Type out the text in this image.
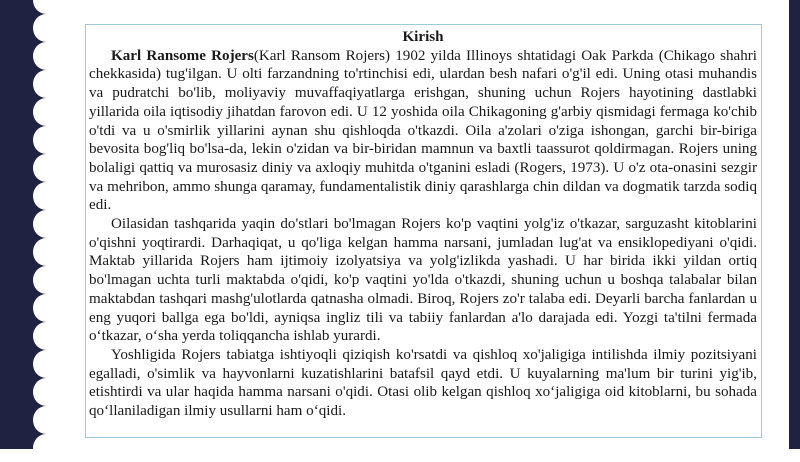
Kirish

Karl Ransome Rojers(Karl Ransom Rojers) 1902 yilda Illinoys shtatidagi Oak Parkda (Chikago shahri chekkasida) tug'ilgan. U olti farzandning to'rtinchisi edi, ulardan besh nafari o'g'il edi. Uning otasi muhandis va pudratchi bo'lib, moliyaviy muvaffaqiyatlarga erishgan, shuning uchun Rojers hayotining dastlabki yillarida oila iqtisodiy jihatdan farovon edi. U 12 yoshida oila Chikagoning g'arbiy qismidagi fermaga ko'chib o'tdi va u o'smirlik yillarini aynan shu qishloqda o'tkazdi. Oila a'zolari o'ziga ishongan, garchi bir-biriga bevosita bog'liq bo'lsa-da, lekin o'zidan va bir-biridan mamnun va baxtli taassurot qoldirmagan. Rojers uning bolaligi qattiq va murosasiz diniy va axloqiy muhitda o'tganini esladi (Rogers, 1973). U o'z ota-onasini sezgir va mehribon, ammo shunga qaramay, fundamentalistik diniy qarashlarga chin dildan va dogmatik tarzda sodiq edi.

Oilasidan tashqarida yaqin do'stlari bo'lmagan Rojers ko'p vaqtini yolg'iz o'tkazar, sarguzasht kitoblarini o'qishni yoqtirardi. Darhaqiqat, u qo'liga kelgan hamma narsani, jumladan lug'at va ensiklopediyani o'qidi. Maktab yillarida Rojers ham ijtimoiy izolyatsiya va yolg'izlikda yashadi. U har birida ikki yildan ortiq bo'lmagan uchta turli maktabda o'qidi, ko'p vaqtini yo'lda o'tkazdi, shuning uchun u boshqa talabalar bilan maktabdan tashqari mashg'ulotlarda qatnasha olmadi. Biroq, Rojers zo'r talaba edi. Deyarli barcha fanlardan u eng yuqori ballga ega bo'ldi, ayniqsa ingliz tili va tabiiy fanlardan a'lo darajada edi. Yozgi ta'tilni fermada o‘tkazar, o‘sha yerda toliqqancha ishlab yurardi.

Yoshligida Rojers tabiatga ishtiyoqli qiziqish ko'rsatdi va qishloq xo'jaligiga intilishda ilmiy pozitsiyani egalladi, o'simlik va hayvonlarni kuzatishlarini batafsil qayd etdi. U kuyalarning ma'lum bir turini yig'ib, etishtirdi va ular haqida hamma narsani o'qidi. Otasi olib kelgan qishloq xo‘jaligiga oid kitoblarni, bu sohada qo‘llaniladigan ilmiy usullarni ham o‘qidi.
